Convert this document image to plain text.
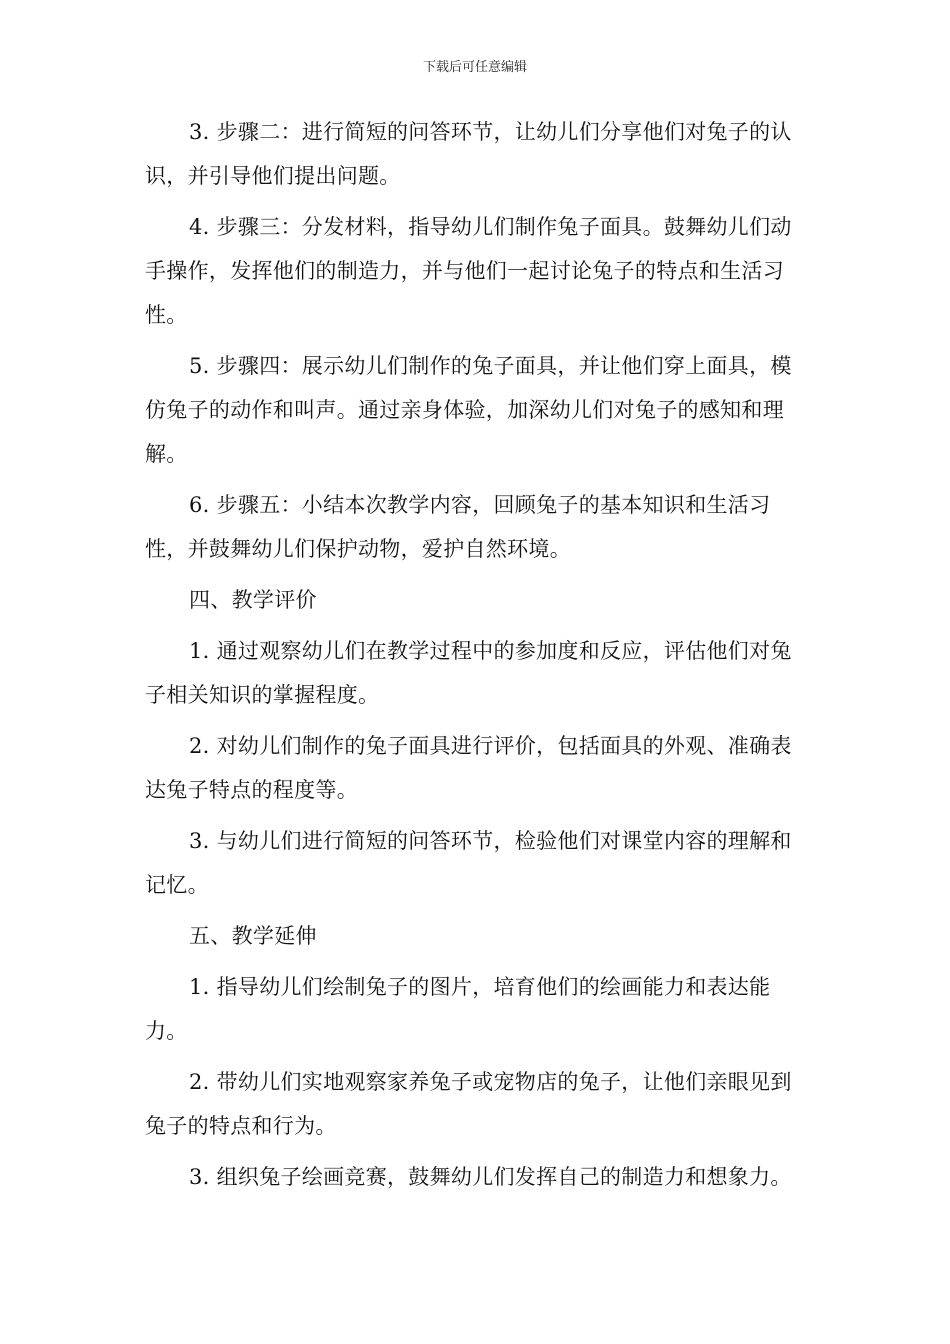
下载后可任意编辑

3. 步骤二：进行简短的问答环节，让幼儿们分享他们对兔子的认识，并引导他们提出问题。

4. 步骤三：分发材料，指导幼儿们制作兔子面具。鼓舞幼儿们动手操作，发挥他们的制造力，并与他们一起讨论兔子的特点和生活习性。

5. 步骤四：展示幼儿们制作的兔子面具，并让他们穿上面具，模仿兔子的动作和叫声。通过亲身体验，加深幼儿们对兔子的感知和理解。

6. 步骤五：小结本次教学内容，回顾兔子的基本知识和生活习性，并鼓舞幼儿们保护动物，爱护自然环境。

四、教学评价

1. 通过观察幼儿们在教学过程中的参加度和反应，评估他们对兔子相关知识的掌握程度。

2. 对幼儿们制作的兔子面具进行评价，包括面具的外观、准确表达兔子特点的程度等。

3. 与幼儿们进行简短的问答环节，检验他们对课堂内容的理解和记忆。

五、教学延伸

1. 指导幼儿们绘制兔子的图片，培育他们的绘画能力和表达能力。

2. 带幼儿们实地观察家养兔子或宠物店的兔子，让他们亲眼见到兔子的特点和行为。

3. 组织兔子绘画竞赛，鼓舞幼儿们发挥自己的制造力和想象力。
